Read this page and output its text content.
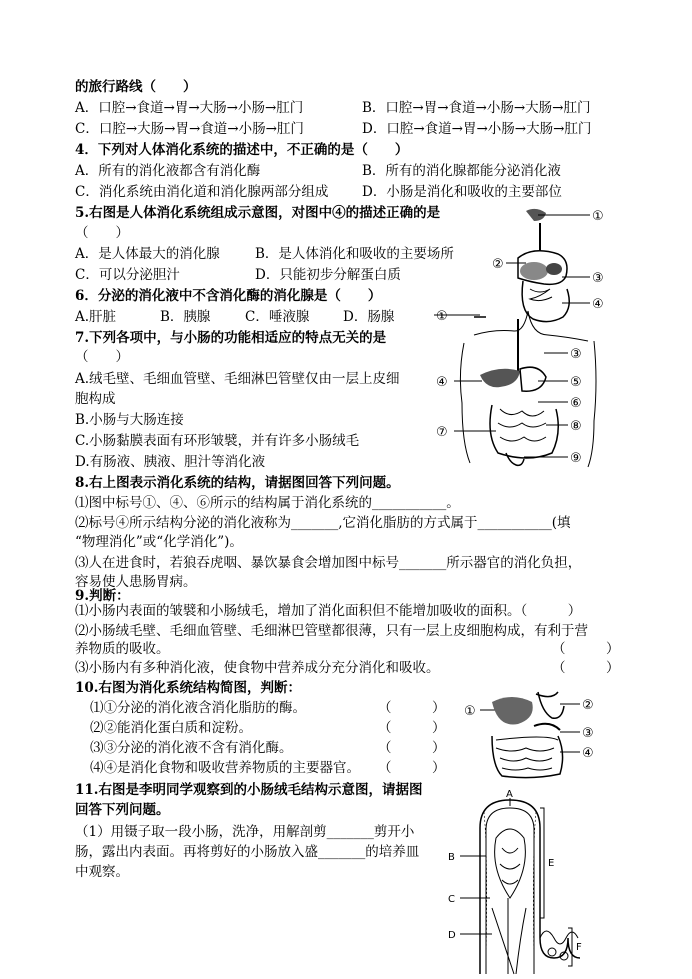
的旅行路线（　　）
A．口腔→食道→胃→大肠→小肠→肛门	B．口腔→胃→食道→小肠→大肠→肛门
C．口腔→大肠→胃→食道→小肠→肛门	D．口腔→食道→胃→小肠→大肠→肛门
4．下列对人体消化系统的描述中，不正确的是（　　）
A．所有的消化液都含有消化酶	B．所有的消化腺都能分泌消化液
C．消化系统由消化道和消化腺两部分组成 D．小肠是消化和吸收的主要部位
5.右图是人体消化系统组成示意图，对图中④的描述正确的是
（　　）
A．是人体最大的消化腺	B．是人体消化和吸收的主要场所
C．可以分泌胆汁	D．只能初步分解蛋白质
①
②
③
④
6．分泌的消化液中不含消化酶的消化腺是（　　）
A.肝脏	B．胰腺	C．唾液腺 D．肠腺
7.下列各项中，与小肠的功能相适应的特点无关的是
（　　）
A.绒毛壁、毛细血管壁、毛细淋巴管壁仅由一层上皮细
胞构成
B.小肠与大肠连接
C.小肠黏膜表面有环形皱襞，并有许多小肠绒毛
D.有肠液、胰液、胆汁等消化液
①
③
④	⑤
⑥
⑦	⑧
⑨
8.右上图表示消化系统的结构，请据图回答下列问题。
⑴图中标号①、④、⑥所示的结构属于消化系统的___________。
⑵标号④所示结构分泌的消化液称为_______,它消化脂肪的方式属于___________(填
“物理消化”或“化学消化”)。
⑶人在进食时，若狼吞虎咽、暴饮暴食会增加图中标号_______所示器官的消化负担，
容易使人患肠胃病。
9.判断：
⑴小肠内表面的皱襞和小肠绒毛，增加了消化面积但不能增加吸收的面积。（　　　）
⑵小肠绒毛壁、毛细血管壁、毛细淋巴管壁都很薄，只有一层上皮细胞构成，有利于营
养物质的吸收。	（　　　）
⑶小肠内有多种消化液，使食物中营养成分充分消化和吸收。	（　　　）
10.右图为消化系统结构简图，判断：
⑴①分泌的消化液含消化脂肪的酶。	（　　　）
⑵②能消化蛋白质和淀粉。	（　　　）
⑶③分泌的消化液不含有消化酶。	（　　　）
⑷④是消化食物和吸收营养物质的主要器官。 （　　　）
①	②
③
④
11.右图是李明同学观察到的小肠绒毛结构示意图，请据图
回答下列问题。
（1）用镊子取一段小肠，洗净，用解剖剪_______剪开小
肠，露出内表面。再将剪好的小肠放入盛_______的培养皿
中观察。
A
B
C
D
E
F
